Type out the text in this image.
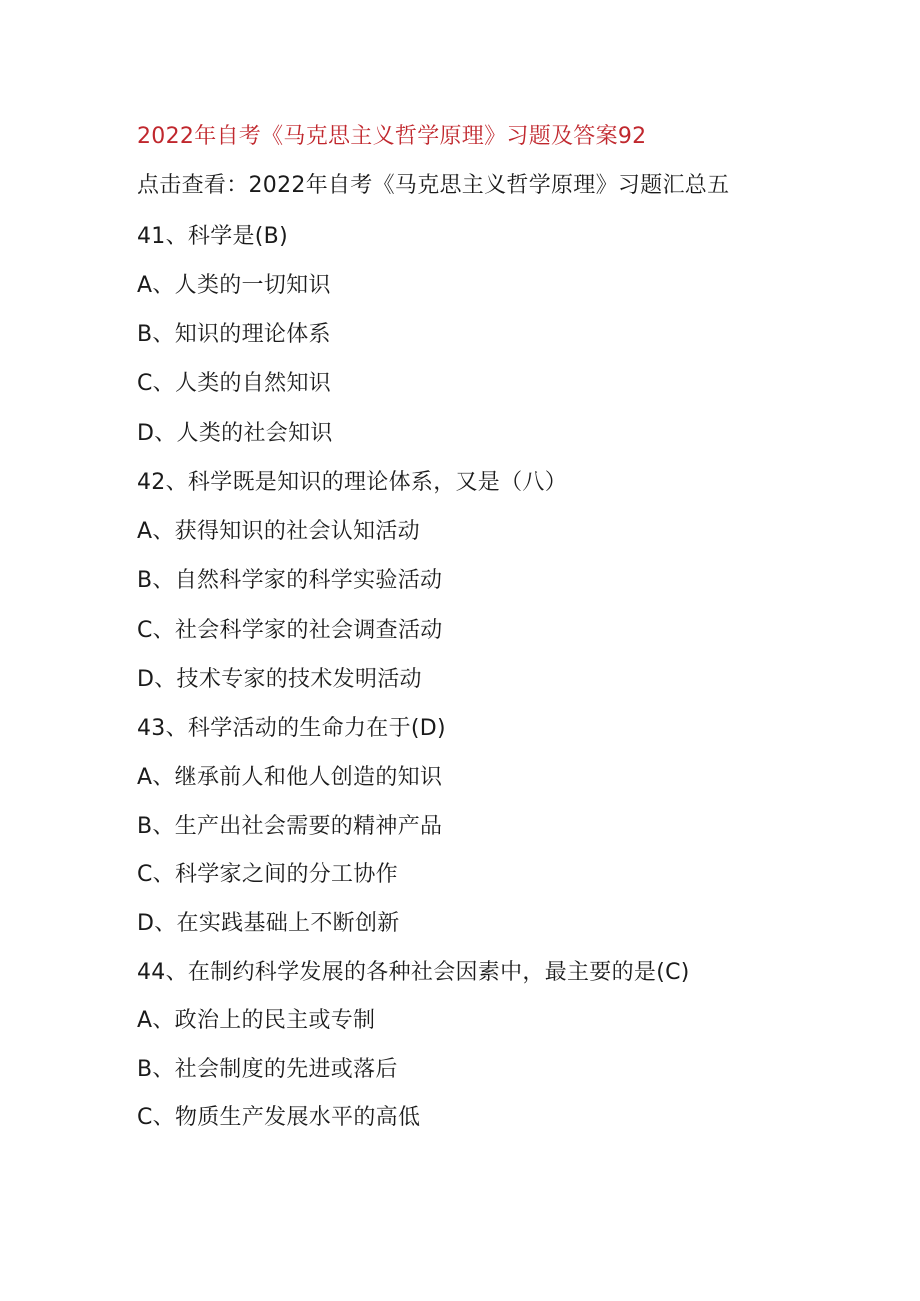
2022年自考《马克思主义哲学原理》习题及答案92
点击查看：2022年自考《马克思主义哲学原理》习题汇总五
41、科学是(B)
A、人类的一切知识
B、知识的理论体系
C、人类的自然知识
D、人类的社会知识
42、科学既是知识的理论体系，又是（八）
A、获得知识的社会认知活动
B、自然科学家的科学实验活动
C、社会科学家的社会调查活动
D、技术专家的技术发明活动
43、科学活动的生命力在于(D)
A、继承前人和他人创造的知识
B、生产出社会需要的精神产品
C、科学家之间的分工协作
D、在实践基础上不断创新
44、在制约科学发展的各种社会因素中，最主要的是(C)
A、政治上的民主或专制
B、社会制度的先进或落后
C、物质生产发展水平的高低
